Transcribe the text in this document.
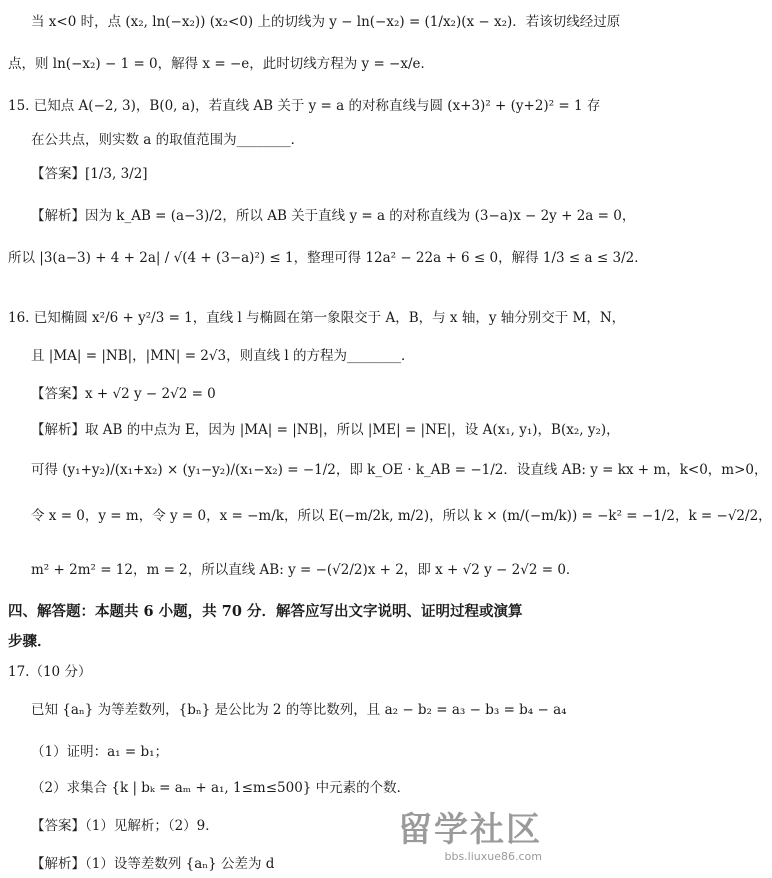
当 x<0 时，点 (x₂, ln(−x₂)) (x₂<0) 上的切线为 y − ln(−x₂) = (1/x₂)(x − x₂)．若该切线经过原
点，则 ln(−x₂) − 1 = 0，解得 x = −e，此时切线方程为 y = −x/e．
15. 已知点 A(−2, 3)，B(0, a)，若直线 AB 关于 y = a 的对称直线与圆 (x+3)² + (y+2)² = 1 存
在公共点，则实数 a 的取值范围为________．
【答案】[1/3, 3/2]
【解析】因为 k_AB = (a−3)/2，所以 AB 关于直线 y = a 的对称直线为 (3−a)x − 2y + 2a = 0，
所以 |3(a−3) + 4 + 2a| / √(4 + (3−a)²) ≤ 1，整理可得 12a² − 22a + 6 ≤ 0，解得 1/3 ≤ a ≤ 3/2．
16. 已知椭圆 x²/6 + y²/3 = 1，直线 l 与椭圆在第一象限交于 A，B，与 x 轴，y 轴分别交于 M，N，
且 |MA| = |NB|，|MN| = 2√3，则直线 l 的方程为________．
【答案】x + √2 y − 2√2 = 0
【解析】取 AB 的中点为 E，因为 |MA| = |NB|，所以 |ME| = |NE|，设 A(x₁, y₁)，B(x₂, y₂)，
可得 (y₁+y₂)/(x₁+x₂) × (y₁−y₂)/(x₁−x₂) = −1/2，即 k_OE · k_AB = −1/2．设直线 AB: y = kx + m，k<0，m>0，
令 x = 0，y = m，令 y = 0，x = −m/k，所以 E(−m/2k, m/2)，所以 k × (m/(−m/k)) = −k² = −1/2，k = −√2/2，
m² + 2m² = 12，m = 2，所以直线 AB: y = −(√2/2)x + 2，即 x + √2 y − 2√2 = 0．
四、解答题：本题共 6 小题，共 70 分．解答应写出文字说明、证明过程或演算
步骤．
17.（10 分）
已知 {aₙ} 为等差数列，{bₙ} 是公比为 2 的等比数列，且 a₂ − b₂ = a₃ − b₃ = b₄ − a₄
（1）证明：a₁ = b₁；
（2）求集合 {k | bₖ = aₘ + a₁, 1≤m≤500} 中元素的个数．
【答案】（1）见解析；（2）9．
【解析】（1）设等差数列 {aₙ} 公差为 d
留学社区
bbs.liuxue86.com
